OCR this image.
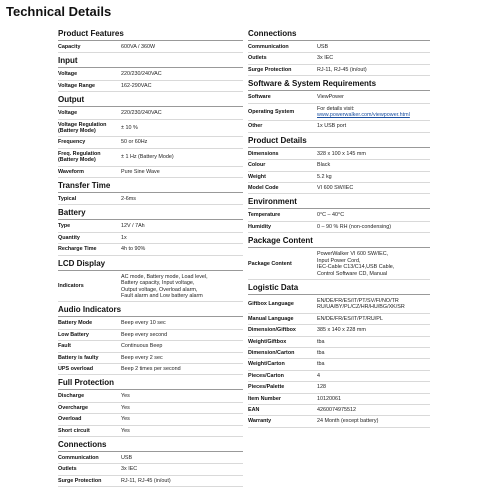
Technical Details
Product Features
Capacity	600VA / 360W
Input
Voltage	220/230/240VAC
Voltage Range	162-290VAC
Output
Voltage	220/230/240VAC
Voltage Regulation
(Battery Mode)	± 10 %
Frequency	50 or 60Hz
Freq. Regulation
(Battery Mode)	± 1 Hz (Battery Mode)
Waveform	Pure Sine Wave
Transfer Time
Typical	2-6ms
Battery
Type	12V / 7Ah
Quantity	1x
Recharge Time	4h to 90%
LCD Display
Indicators	AC mode, Battery mode, Load level,
Battery capacity, Input voltage,
Output voltage, Overload alarm,
Fault alarm and Low battery alarm
Audio Indicators
Battery Mode	Beep every 10 sec
Low Battery	Beep every second
Fault	Continuous Beep
Battery is faulty	Beep every 2 sec
UPS overload	Beep 2 times per second
Full Protection
Discharge	Yes
Overcharge	Yes
Overload	Yes
Short circuit	Yes
Connections
Communication	USB
Outlets	3x IEC
Surge Protection	RJ-11, RJ-45 (in/out)
Connections
Communication	USB
Outlets	3x IEC
Surge Protection	RJ-11, RJ-45 (in/out)
Software & System Requirements
Software	ViewPower
Operating System	For details visit:
www.powerwalker.com/viewpower.html
Other	1x USB port
Product Details
Dimensions	328 x 100 x 145 mm
Colour	Black
Weight	5.2 kg
Model Code	VI 600 SW/IEC
Environment
Temperature	0°C – 40°C
Humidity	0 – 90 % RH (non-condensing)
Package Content
Package Content	PowerWalker VI 600 SW/IEC,
Input Power Cord,
IEC-Cable C13/C14,USB Cable,
Control Software CD, Manual
Logistic Data
Giftbox Language	EN/DE/FR/ES/IT/PT/SV/FI/NO/TR
RU/UA/BY/PL/CZ/HR/HU/BG/XK/SR
Manual Language	EN/DE/FR/ES/IT/PT/RU/PL
Dimension/Giftbox	385 x 140 x 228 mm
Weight/Giftbox	tba
Dimension/Carton	tba
Weight/Carton	tba
Pieces/Carton	4
Pieces/Palette	128
Item Number	10120061
EAN	4260074975512
Warranty	24 Month (except battery)
